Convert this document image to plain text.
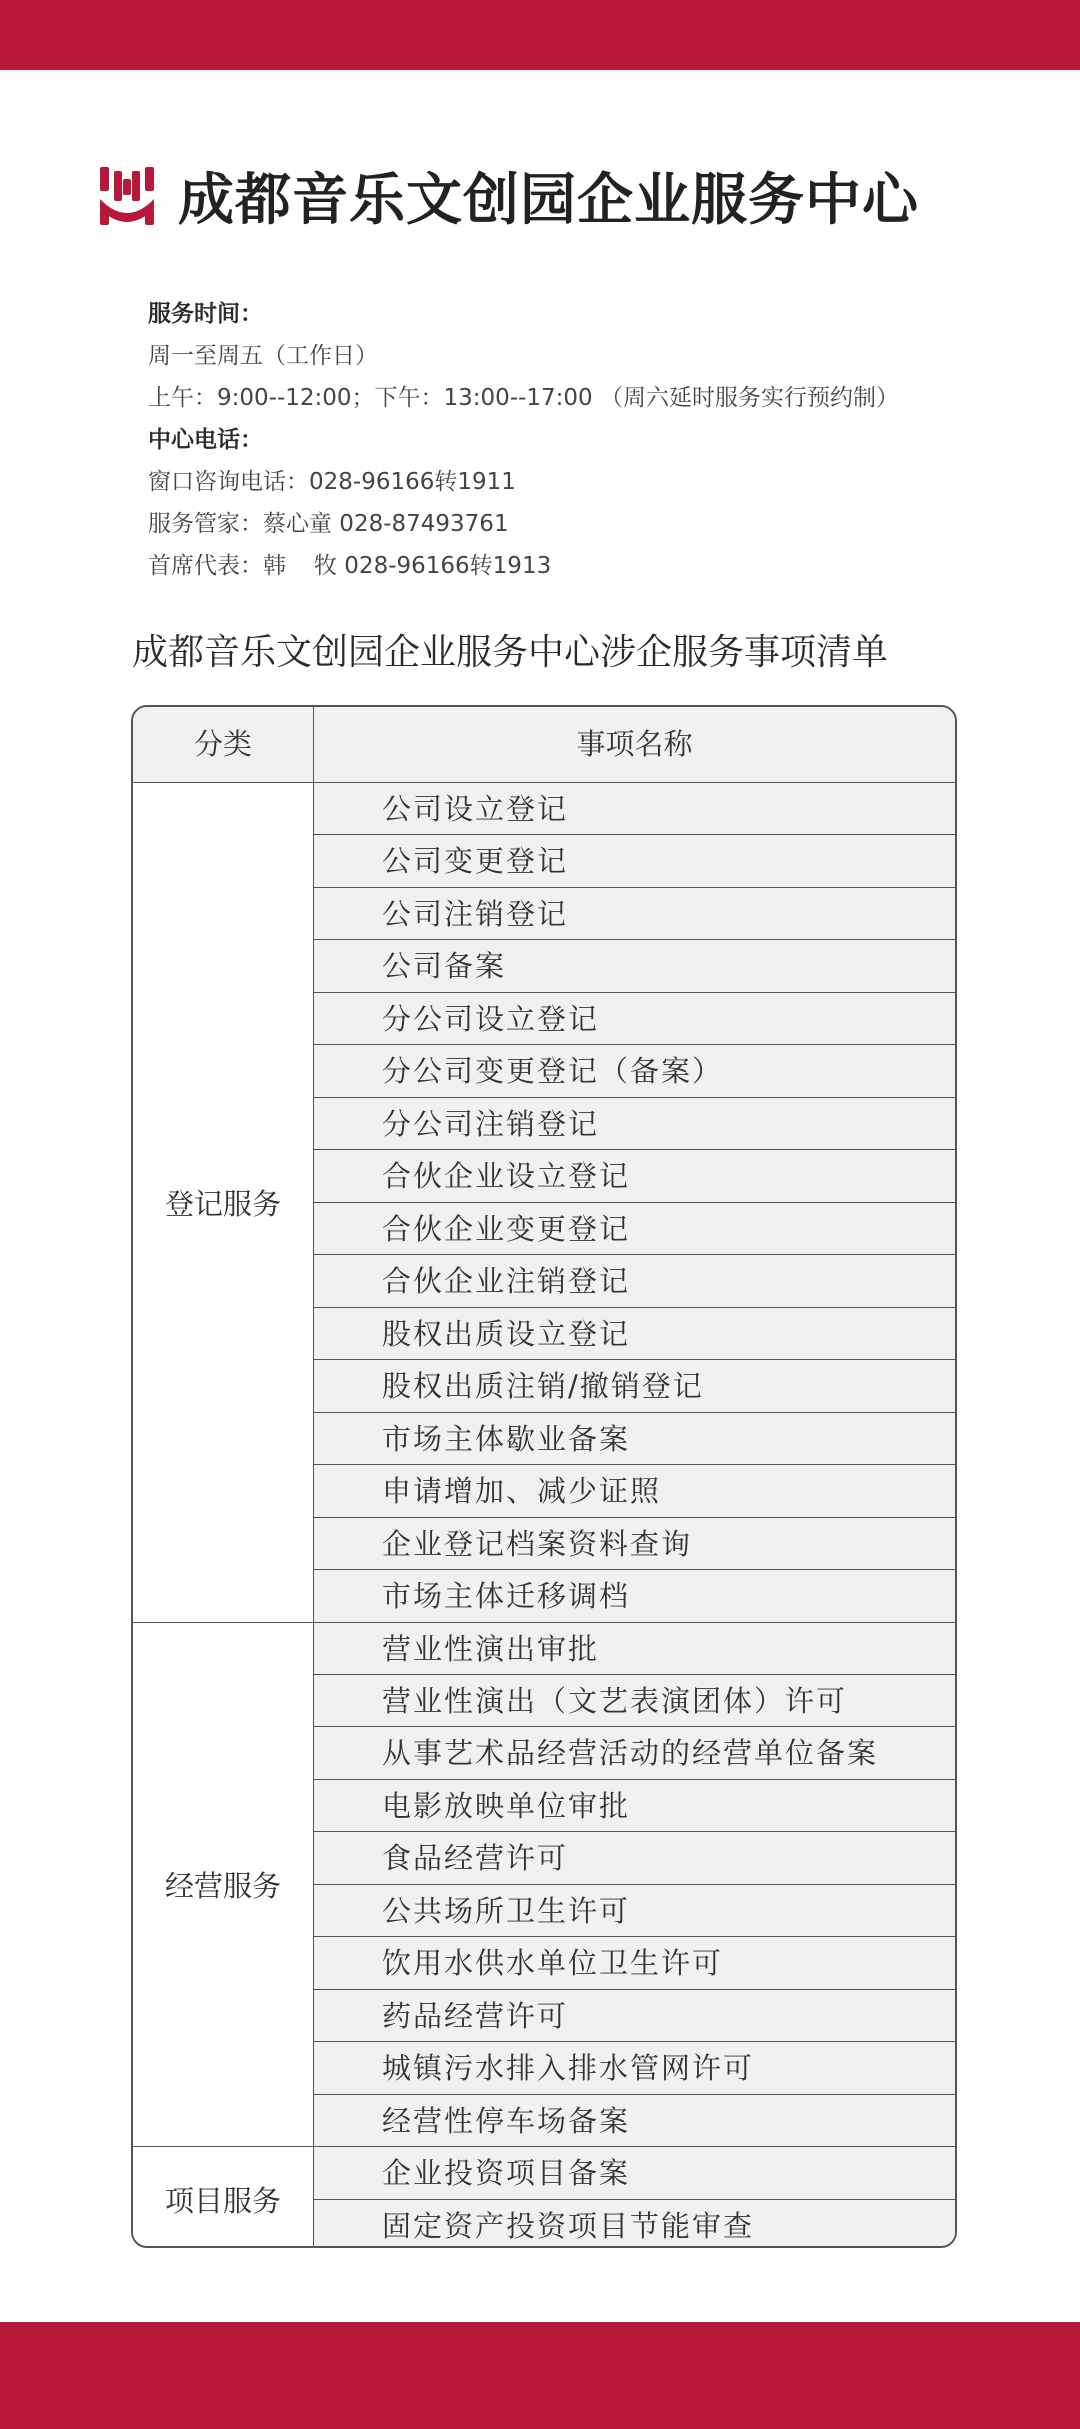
成都音乐文创园企业服务中心
服务时间：
周一至周五（工作日）
上午：9:00--12:00；下午：13:00--17:00 （周六延时服务实行预约制）
中心电话：
窗口咨询电话：028-96166转1911
服务管家：蔡心童 028-87493761
首席代表：韩 牧 028-96166转1913
成都音乐文创园企业服务中心涉企服务事项清单
分类	事项名称
登记服务
经营服务
项目服务
公司设立登记
公司变更登记
公司注销登记
公司备案
分公司设立登记
分公司变更登记（备案）
分公司注销登记
合伙企业设立登记
合伙企业变更登记
合伙企业注销登记
股权出质设立登记
股权出质注销/撤销登记
市场主体歇业备案
申请增加、减少证照
企业登记档案资料查询
市场主体迁移调档
营业性演出审批
营业性演出（文艺表演团体）许可
从事艺术品经营活动的经营单位备案
电影放映单位审批
食品经营许可
公共场所卫生许可
饮用水供水单位卫生许可
药品经营许可
城镇污水排入排水管网许可
经营性停车场备案
企业投资项目备案
固定资产投资项目节能审查
